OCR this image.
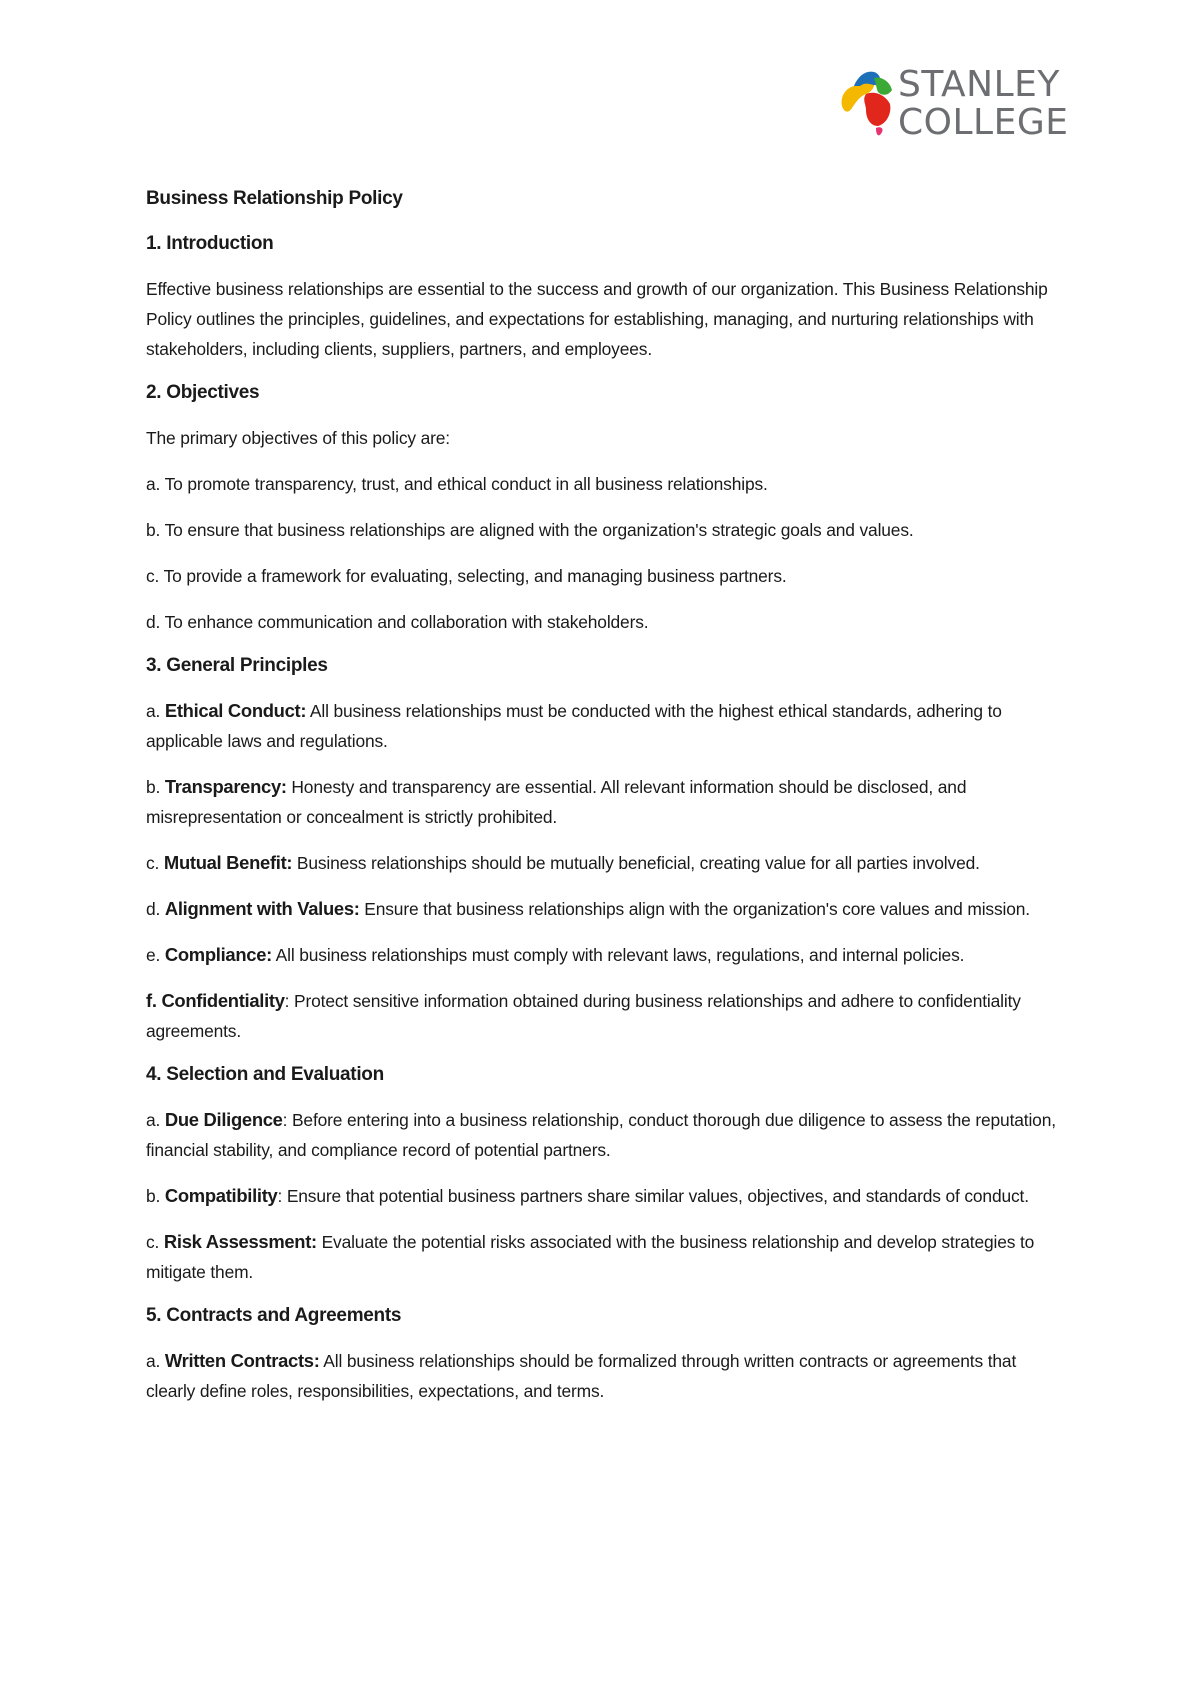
STANLEY
COLLEGE
Business Relationship Policy
1. Introduction

Effective business relationships are essential to the success and growth of our organization. This Business Relationship Policy outlines the principles, guidelines, and expectations for establishing, managing, and nurturing relationships with stakeholders, including clients, suppliers, partners, and employees.

2. Objectives

The primary objectives of this policy are:

a. To promote transparency, trust, and ethical conduct in all business relationships.

b. To ensure that business relationships are aligned with the organization's strategic goals and values.

c. To provide a framework for evaluating, selecting, and managing business partners.

d. To enhance communication and collaboration with stakeholders.

3. General Principles

a. Ethical Conduct: All business relationships must be conducted with the highest ethical standards, adhering to applicable laws and regulations.

b. Transparency: Honesty and transparency are essential. All relevant information should be disclosed, and misrepresentation or concealment is strictly prohibited.

c. Mutual Benefit: Business relationships should be mutually beneficial, creating value for all parties involved.

d. Alignment with Values: Ensure that business relationships align with the organization's core values and mission.

e. Compliance: All business relationships must comply with relevant laws, regulations, and internal policies.

f. Confidentiality: Protect sensitive information obtained during business relationships and adhere to confidentiality agreements.

4. Selection and Evaluation

a. Due Diligence: Before entering into a business relationship, conduct thorough due diligence to assess the reputation, financial stability, and compliance record of potential partners.

b. Compatibility: Ensure that potential business partners share similar values, objectives, and standards of conduct.

c. Risk Assessment: Evaluate the potential risks associated with the business relationship and develop strategies to mitigate them.

5. Contracts and Agreements

a. Written Contracts: All business relationships should be formalized through written contracts or agreements that clearly define roles, responsibilities, expectations, and terms.
